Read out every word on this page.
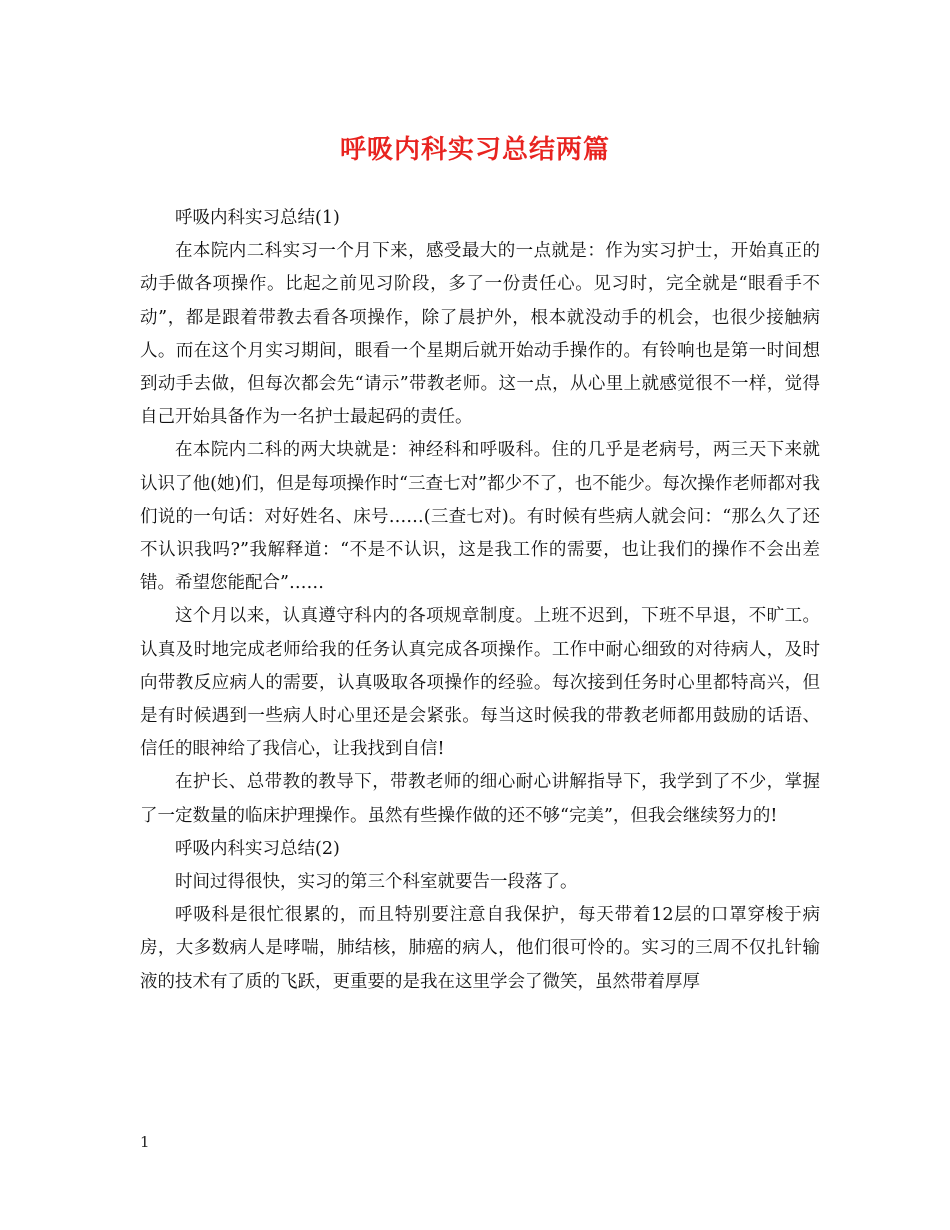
呼吸内科实习总结两篇

呼吸内科实习总结(1)

在本院内二科实习一个月下来，感受最大的一点就是：作为实习护士，开始真正的动手做各项操作。比起之前见习阶段，多了一份责任心。见习时，完全就是“眼看手不动”，都是跟着带教去看各项操作，除了晨护外，根本就没动手的机会，也很少接触病人。而在这个月实习期间，眼看一个星期后就开始动手操作的。有铃响也是第一时间想到动手去做，但每次都会先“请示”带教老师。这一点，从心里上就感觉很不一样，觉得自己开始具备作为一名护士最起码的责任。

在本院内二科的两大块就是：神经科和呼吸科。住的几乎是老病号，两三天下来就认识了他(她)们，但是每项操作时“三查七对”都少不了，也不能少。每次操作老师都对我们说的一句话：对好姓名、床号……(三查七对)。有时候有些病人就会问：“那么久了还不认识我吗?”我解释道：“不是不认识，这是我工作的需要，也让我们的操作不会出差错。希望您能配合”……

这个月以来，认真遵守科内的各项规章制度。上班不迟到，下班不早退，不旷工。认真及时地完成老师给我的任务认真完成各项操作。工作中耐心细致的对待病人，及时向带教反应病人的需要，认真吸取各项操作的经验。每次接到任务时心里都特高兴，但是有时候遇到一些病人时心里还是会紧张。每当这时候我的带教老师都用鼓励的话语、信任的眼神给了我信心，让我找到自信!

在护长、总带教的教导下，带教老师的细心耐心讲解指导下，我学到了不少，掌握了一定数量的临床护理操作。虽然有些操作做的还不够“完美”，但我会继续努力的!

呼吸内科实习总结(2)

时间过得很快，实习的第三个科室就要告一段落了。

呼吸科是很忙很累的，而且特别要注意自我保护，每天带着12层的口罩穿梭于病房，大多数病人是哮喘，肺结核，肺癌的病人，他们很可怜的。实习的三周不仅扎针输液的技术有了质的飞跃，更重要的是我在这里学会了微笑，虽然带着厚厚

1
